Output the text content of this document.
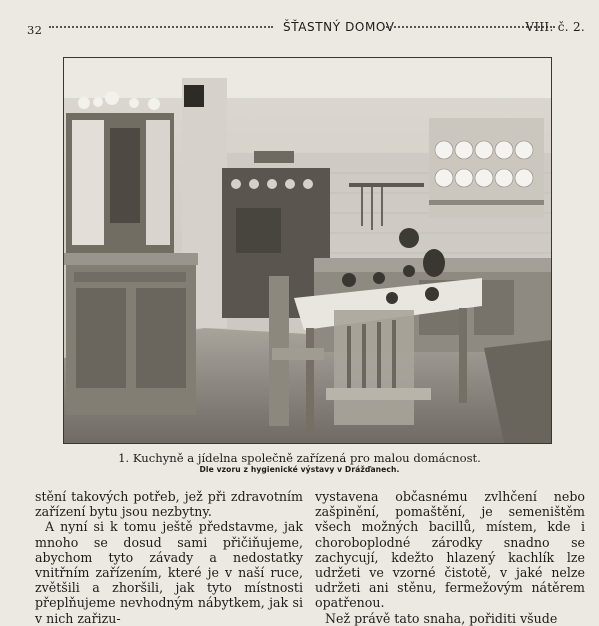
32	ŠŤASTNÝ DOMOV	VIII. č. 2.
1. Kuchyně a jídelna společně zařízená pro malou domácnost.
Dle vzoru z hygienické výstavy v Drážďanech.

stění takových potřeb, jež při zdravotním zařízení bytu jsou nezbytny.

A nyní si k tomu ještě představme, jak mnoho se dosud sami přičiňujeme, abychom tyto závady a nedostatky vnitřním zařízením, které je v naší ruce, zvětšili a zhoršili, jak tyto místnosti přeplňujeme nevhodným nábytkem, jak si v nich zařizu-

vystavena občasnému zvlhčení nebo zašpinění, pomaštění, je semeništěm všech možných bacillů, místem, kde i choroboplodné zárodky snadno se zachycují, kdežto hlazený kachlík lze udržeti ve vzorné čistotě, v jaké nelze udržeti ani stěnu, fermežovým nátěrem opatřenou.

Než právě tato snaha, pořiditi všude
